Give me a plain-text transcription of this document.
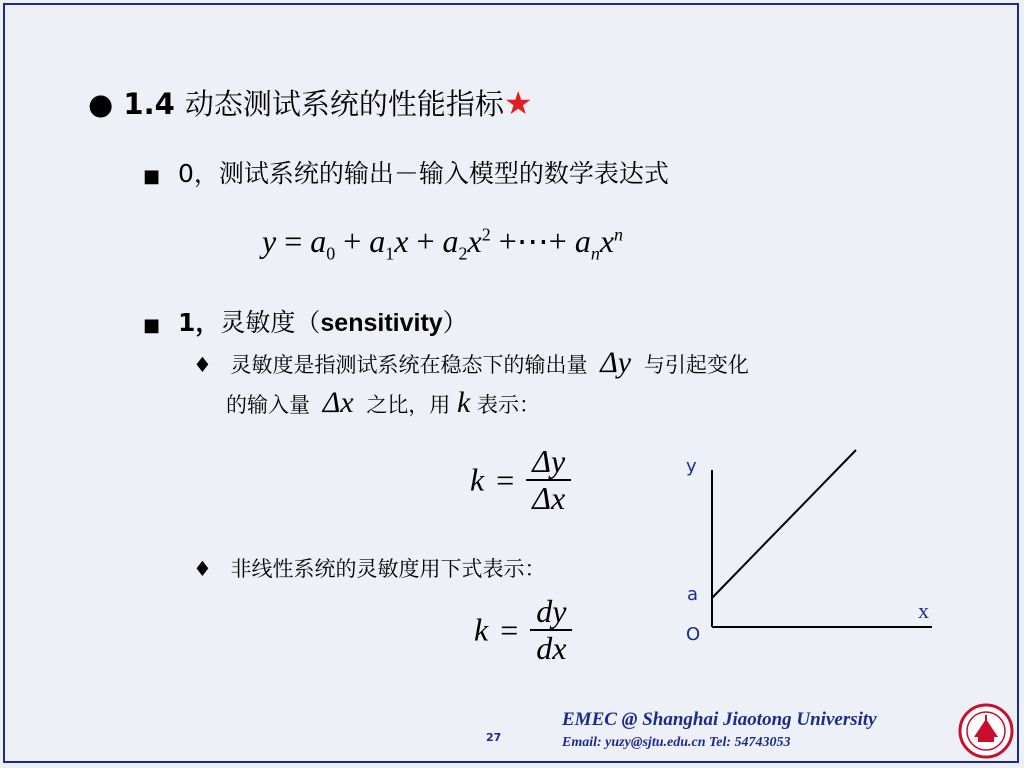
● 1.4 动态测试系统的性能指标★
■ 0，测试系统的输出－输入模型的数学表达式
$y = a_0 + a_1x + a_2x^2$ +⋯+ $a_nx^n$
■ 1，灵敏度（sensitivity）
♦ 灵敏度是指测试系统在稳态下的输出量 Δy 与引起变化
的输入量 Δx 之比，用 k 表示：
$k = \frac{\Delta y}{\Delta x}$
♦ 非线性系统的灵敏度用下式表示：
$k = \frac{dy}{dx}$
y
a
O
x
27
EMEC @ Shanghai Jiaotong University
Email: yuzy@sjtu.edu.cn Tel: 54743053
